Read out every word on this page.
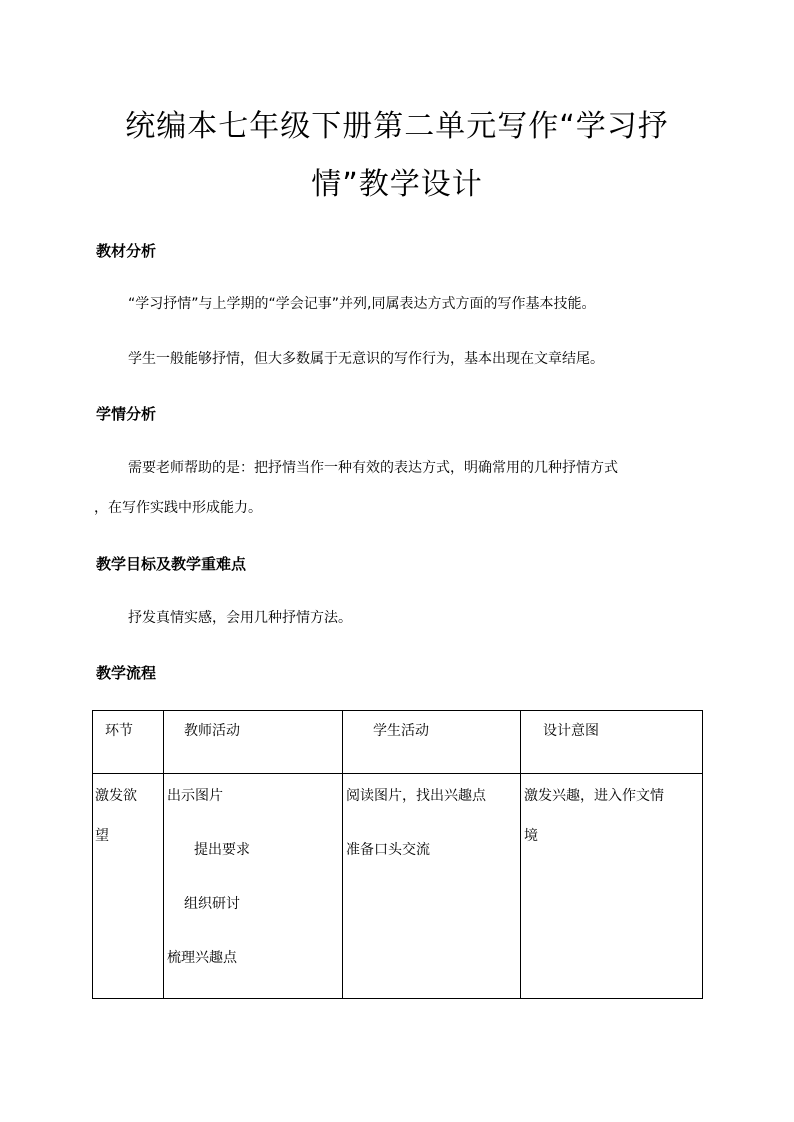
统编本七年级下册第二单元写作“学习抒
情”教学设计
教材分析
“学习抒情”与上学期的“学会记事”并列,同属表达方式方面的写作基本技能。
学生一般能够抒情，但大多数属于无意识的写作行为，基本出现在文章结尾。
学情分析
需要老师帮助的是：把抒情当作一种有效的表达方式，明确常用的几种抒情方式
，在写作实践中形成能力。
教学目标及教学重难点
抒发真情实感，会用几种抒情方法。
教学流程
环节	教师活动	学生活动	设计意图

激发欲
望	出示图片
提出要求
组织研讨
梳理兴趣点	阅读图片，找出兴趣点
准备口头交流	激发兴趣，进入作文情
境
